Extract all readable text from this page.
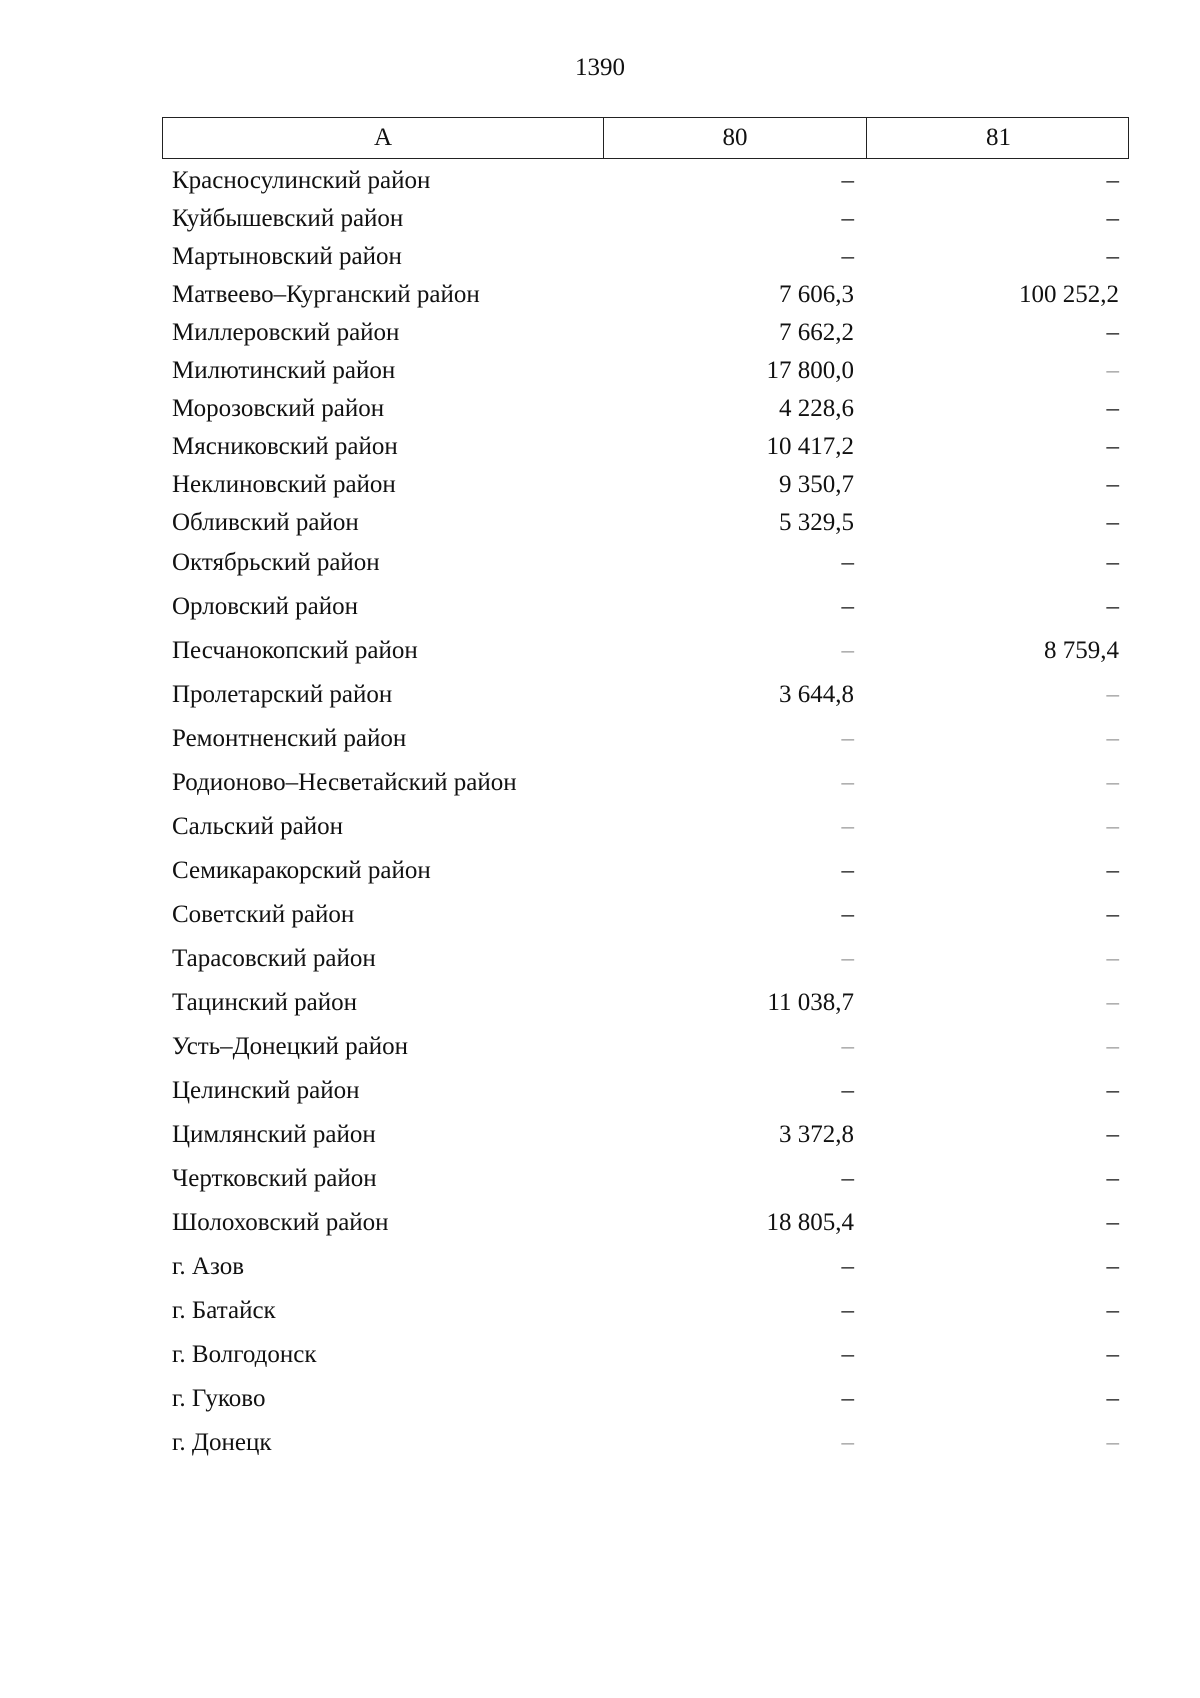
1390
А	80	81
Красносулинский район	–	–
Куйбышевский район	–	–
Мартыновский район	–	–
Матвеево–Курганский район	7 606,3	100 252,2
Миллеровский район	7 662,2	–
Милютинский район	17 800,0	–
Морозовский район	4 228,6	–
Мясниковский район	10 417,2	–
Неклиновский район	9 350,7	–
Обливский район	5 329,5	–
Октябрьский район	–	–
Орловский район	–	–
Песчанокопский район	–	8 759,4
Пролетарский район	3 644,8	–
Ремонтненский район	–	–
Родионово–Несветайский район	–	–
Сальский район	–	–
Семикаракорский район	–	–
Советский район	–	–
Тарасовский район	–	–
Тацинский район	11 038,7	–
Усть–Донецкий район	–	–
Целинский район	–	–
Цимлянский район	3 372,8	–
Чертковский район	–	–
Шолоховский район	18 805,4	–
г. Азов	–	–
г. Батайск	–	–
г. Волгодонск	–	–
г. Гуково	–	–
г. Донецк	–	–
